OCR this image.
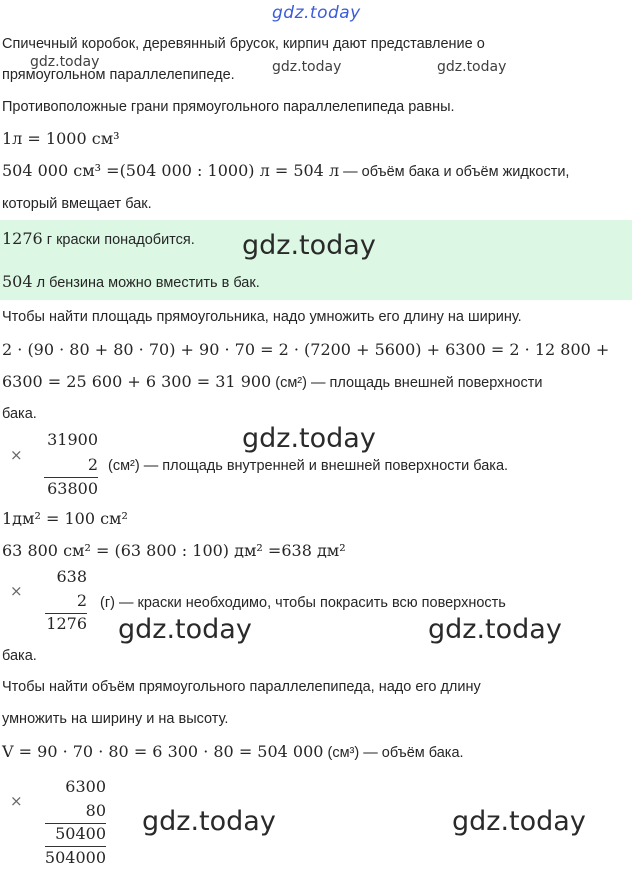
gdz.today
Спичечный коробок, деревянный брусок, кирпич дают представление о
прямоугольном параллелепипеде.
gdz.today	gdz.today	gdz.today
Противоположные грани прямоугольного параллелепипеда равны.
1л = 1000 см³
504 000 см³ =(504 000 : 1000) л = 504 л — объём бака и объём жидкости,
который вмещает бак.
1276 г краски понадобится. gdz.today
504 л бензина можно вместить в бак.
Чтобы найти площадь прямоугольника, надо умножить его длину на ширину.
2 · (90 · 80 + 80 · 70) + 90 · 70 = 2 · (7200 + 5600) + 6300 = 2 · 12 800 +
6300 = 25 600 + 6 300 = 31 900 (см²) — площадь внешней поверхности
бака.
×
31900
2
63800
(см²) — площадь внутренней и внешней поверхности бака.
gdz.today
1дм² = 100 см²
63 800 см² = (63 800 : 100) дм² =638 дм²
×
638
2
1276
(г) — краски необходимо, чтобы покрасить всю поверхность
gdz.today	gdz.today
бака.
Чтобы найти объём прямоугольного параллелепипеда, надо его длину
умножить на ширину и на высоту.
V = 90 · 70 · 80 = 6 300 · 80 = 504 000 (см³) — объём бака.
×
6300
80
50400
504000
gdz.today	gdz.today
